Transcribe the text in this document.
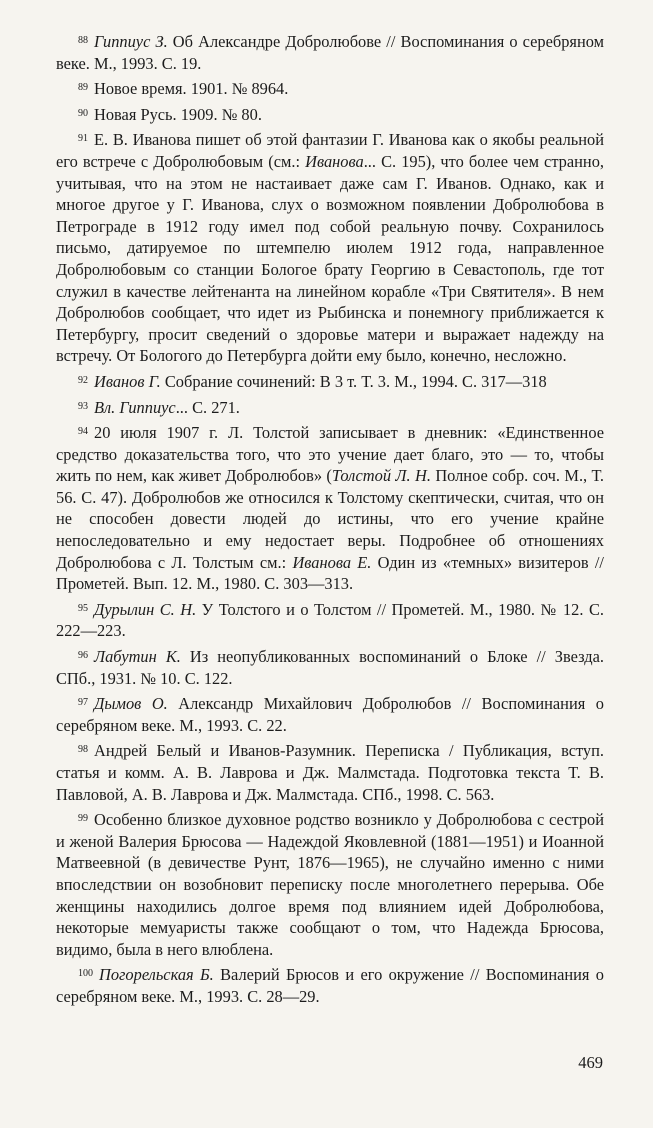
$^{88}$ Гиппиус З. Об Александре Добролюбове // Воспоминания о серебряном веке. М., 1993. С. 19.

$^{89}$ Новое время. 1901. № 8964.

$^{90}$ Новая Русь. 1909. № 80.

$^{91}$ Е. В. Иванова пишет об этой фантазии Г. Иванова как о якобы реальной его встрече с Добролюбовым (см.: Иванова... С. 195), что более чем странно, учитывая, что на этом не настаивает даже сам Г. Иванов. Однако, как и многое другое у Г. Иванова, слух о возможном появлении Добролюбова в Петрограде в 1912 году имел под собой реальную почву. Сохранилось письмо, датируемое по штемпелю июлем 1912 года, направленное Добролюбовым со станции Бологое брату Георгию в Севастополь, где тот служил в качестве лейтенанта на линейном корабле «Три Святителя». В нем Добролюбов сообщает, что идет из Рыбинска и понемногу приближается к Петербургу, просит сведений о здоровье матери и выражает надежду на встречу. От Бологого до Петербурга дойти ему было, конечно, несложно.

$^{92}$ Иванов Г. Собрание сочинений: В 3 т. Т. 3. М., 1994. С. 317—318

$^{93}$ Вл. Гиппиус... С. 271.

$^{94}$ 20 июля 1907 г. Л. Толстой записывает в дневник: «Единственное средство доказательства того, что это учение дает благо, это — то, чтобы жить по нем, как живет Добролюбов» (Толстой Л. Н. Полное собр. соч. М., Т. 56. С. 47). Добролюбов же относился к Толстому скептически, считая, что он не способен довести людей до истины, что его учение крайне непоследовательно и ему недостает веры. Подробнее об отношениях Добролюбова с Л. Толстым см.: Иванова Е. Один из «темных» визитеров // Прометей. Вып. 12. М., 1980. С. 303—313.

$^{95}$ Дурылин С. Н. У Толстого и о Толстом // Прометей. М., 1980. № 12. С. 222—223.

$^{96}$ Лабутин К. Из неопубликованных воспоминаний о Блоке // Звезда. СПб., 1931. № 10. С. 122.

$^{97}$ Дымов О. Александр Михайлович Добролюбов // Воспоминания о серебряном веке. М., 1993. С. 22.

$^{98}$ Андрей Белый и Иванов-Разумник. Переписка / Публикация, вступ. статья и комм. А. В. Лаврова и Дж. Малмстада. Подготовка текста Т. В. Павловой, А. В. Лаврова и Дж. Малмстада. СПб., 1998. С. 563.

$^{99}$ Особенно близкое духовное родство возникло у Добролюбова с сестрой и женой Валерия Брюсова — Надеждой Яковлевной (1881—1951) и Иоанной Матвеевной (в девичестве Рунт, 1876—1965), не случайно именно с ними впоследствии он возобновит переписку после многолетнего перерыва. Обе женщины находились долгое время под влиянием идей Добролюбова, некоторые мемуаристы также сообщают о том, что Надежда Брюсова, видимо, была в него влюблена.

$^{100}$ Погорельская Б. Валерий Брюсов и его окружение // Воспоминания о серебряном веке. М., 1993. С. 28—29.

469
